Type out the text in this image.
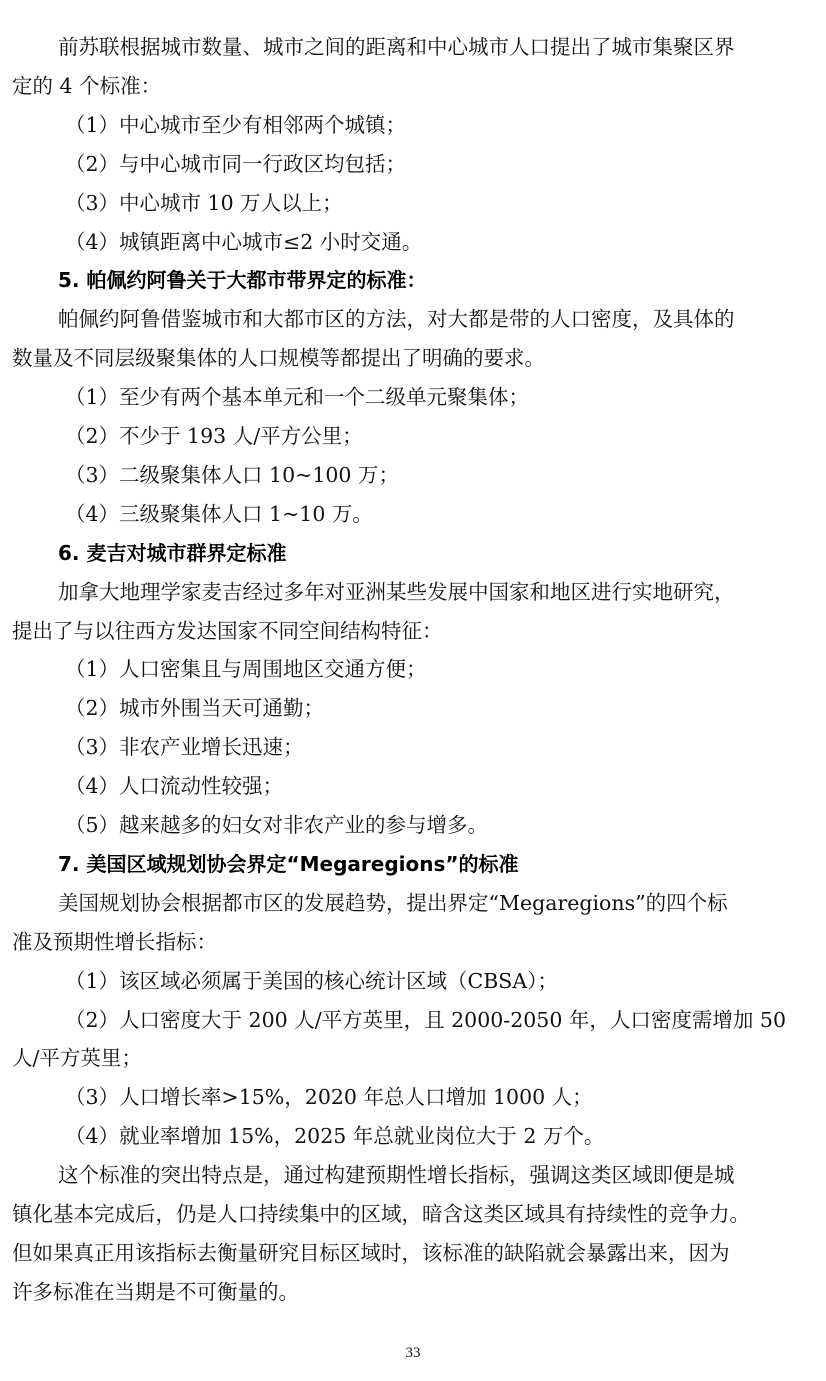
前苏联根据城市数量、城市之间的距离和中心城市人口提出了城市集聚区界
定的 4 个标准：
（1）中心城市至少有相邻两个城镇；
（2）与中心城市同一行政区均包括；
（3）中心城市 10 万人以上；
（4）城镇距离中心城市≤2 小时交通。
5. 帕佩约阿鲁关于大都市带界定的标准：
帕佩约阿鲁借鉴城市和大都市区的方法，对大都是带的人口密度，及具体的
数量及不同层级聚集体的人口规模等都提出了明确的要求。
（1）至少有两个基本单元和一个二级单元聚集体；
（2）不少于 193 人/平方公里；
（3）二级聚集体人口 10~100 万；
（4）三级聚集体人口 1~10 万。
6. 麦吉对城市群界定标准
加拿大地理学家麦吉经过多年对亚洲某些发展中国家和地区进行实地研究，
提出了与以往西方发达国家不同空间结构特征：
（1）人口密集且与周围地区交通方便；
（2）城市外围当天可通勤；
（3）非农产业增长迅速；
（4）人口流动性较强；
（5）越来越多的妇女对非农产业的参与增多。
7. 美国区域规划协会界定“Megaregions”的标准
美国规划协会根据都市区的发展趋势，提出界定“Megaregions”的四个标
准及预期性增长指标：
（1）该区域必须属于美国的核心统计区域（CBSA）；
（2）人口密度大于 200 人/平方英里，且 2000-2050 年，人口密度需增加 50
人/平方英里；
（3）人口增长率>15%，2020 年总人口增加 1000 人；
（4）就业率增加 15%，2025 年总就业岗位大于 2 万个。
这个标准的突出特点是，通过构建预期性增长指标，强调这类区域即便是城
镇化基本完成后，仍是人口持续集中的区域，暗含这类区域具有持续性的竞争力。
但如果真正用该指标去衡量研究目标区域时，该标准的缺陷就会暴露出来，因为
许多标准在当期是不可衡量的。
33
